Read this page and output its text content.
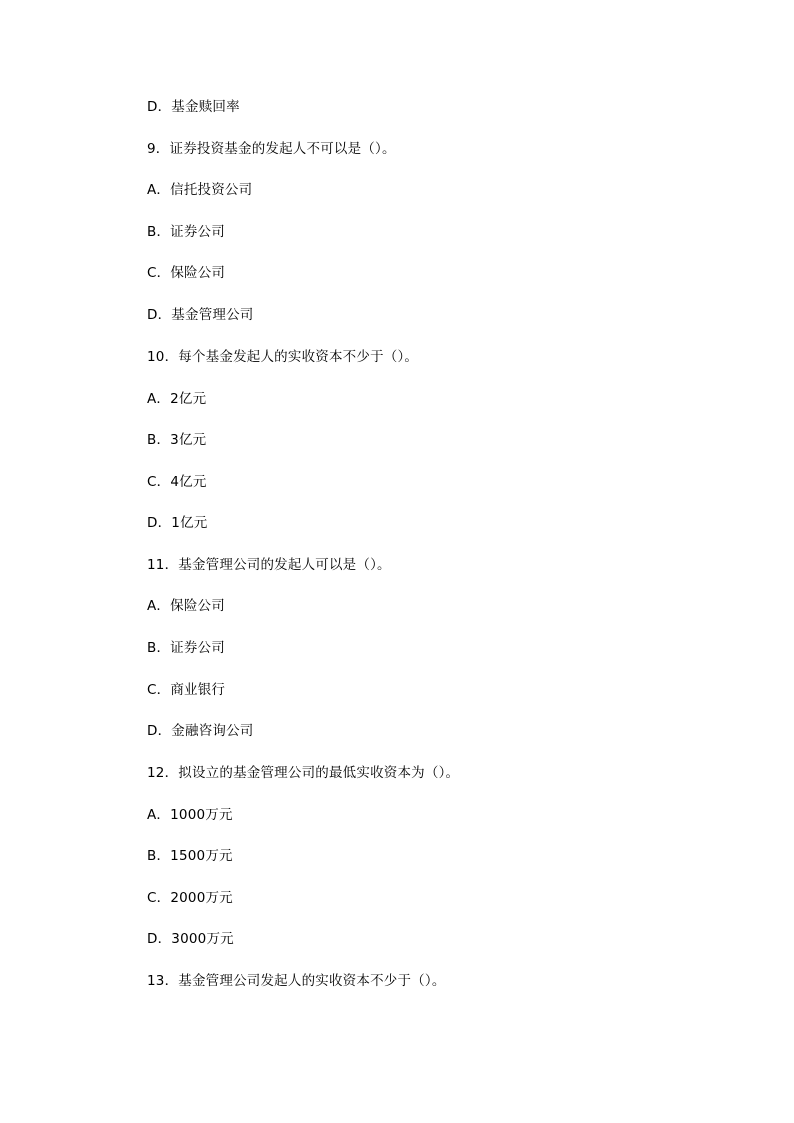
D．基金赎回率
9．证券投资基金的发起人不可以是（）。
A．信托投资公司
B．证券公司
C．保险公司
D．基金管理公司
10．每个基金发起人的实收资本不少于（）。
A．2亿元
B．3亿元
C．4亿元
D．1亿元
11．基金管理公司的发起人可以是（）。
A．保险公司
B．证券公司
C．商业银行
D．金融咨询公司
12．拟设立的基金管理公司的最低实收资本为（）。
A．1000万元
B．1500万元
C．2000万元
D．3000万元
13．基金管理公司发起人的实收资本不少于（）。
